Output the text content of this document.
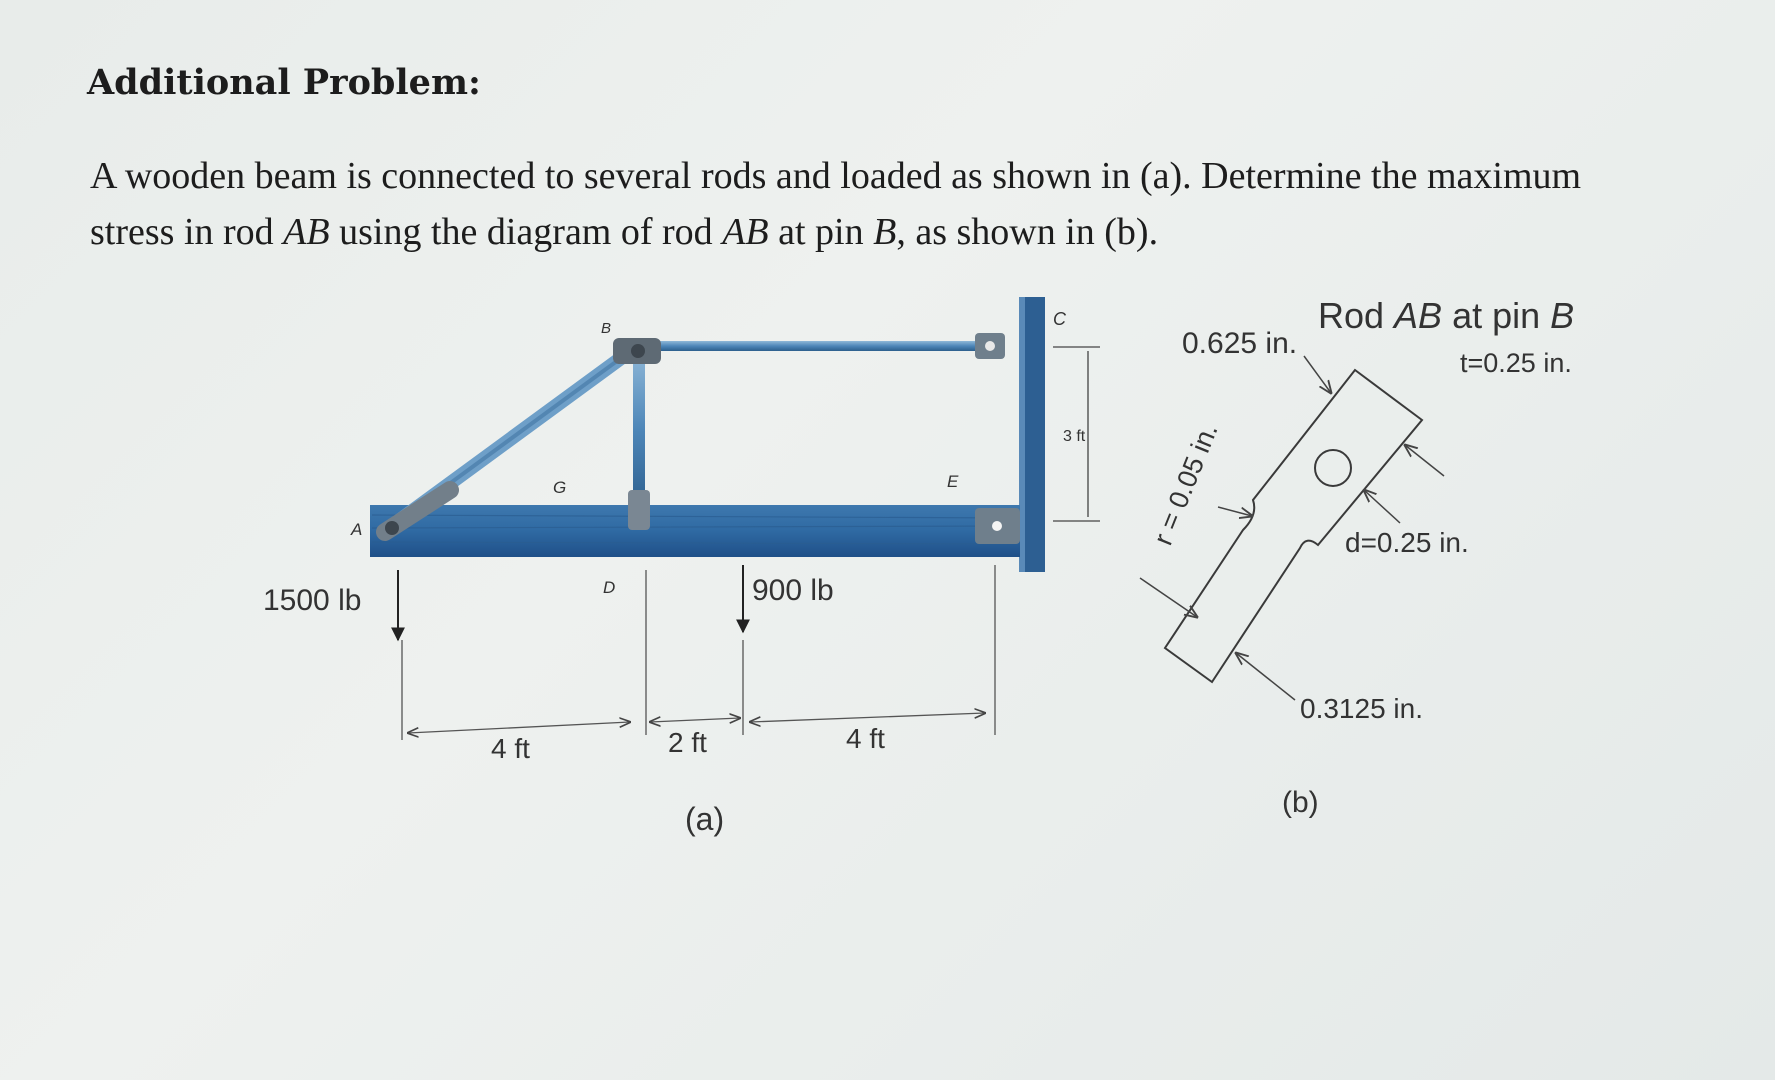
Additional Problem:

A wooden beam is connected to several rods and loaded as shown in (a). Determine the maximum

stress in rod AB using the diagram of rod AB at pin B, as shown in (b).

A
B	C
D
E
G
1500 lb	900 lb
4 ft	2 ft	4 ft
3 ft
(a)
Rod AB at pin B
0.625 in.
t=0.25 in.
r = 0.05 in.	d=0.25 in.
0.3125 in.
(b)
